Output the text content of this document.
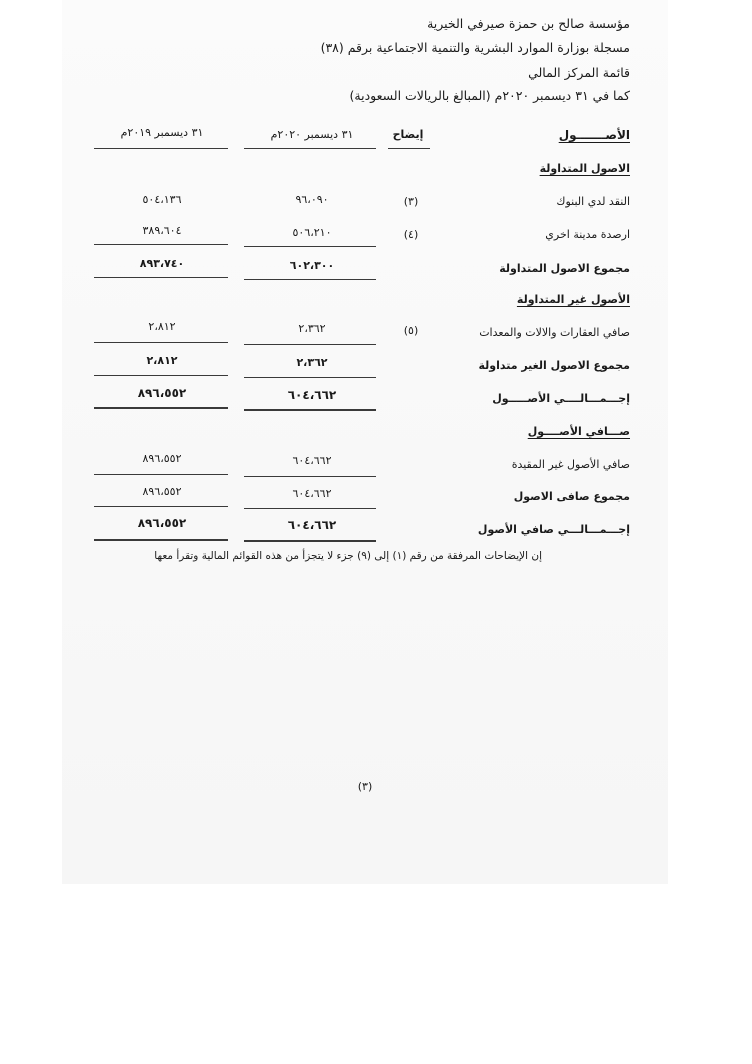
مؤسسة صالح بن حمزة صيرفي الخيرية
مسجلة بوزارة الموارد البشرية والتنمية الاجتماعية برقم (٣٨)
قائمة المركز المالي
كما في ٣١ ديسمبر ٢٠٢٠م (المبالغ بالريالات السعودية)
الأصـــــــول
إيضاح
٣١ ديسمبر ٢٠٢٠م
٣١ ديسمبر ٢٠١٩م
الاصول المتداولة
النقد لدي البنوك
(٣)
٩٦،٠٩٠
٥٠٤،١٣٦
ارصدة مدينة اخري
(٤)
٥٠٦،٢١٠
٣٨٩،٦٠٤
مجموع الاصول المتداولة
٦٠٢،٣٠٠
٨٩٣،٧٤٠
الأصول غير المتداولة
صافي العقارات والالات والمعدات
(٥)
٢،٣٦٢
٢،٨١٢
مجموع الاصول الغير متداولة
٢،٣٦٢
٢،٨١٢
إجـــمـــالــــي الأصـــــول
٦٠٤،٦٦٢
٨٩٦،٥٥٢
صـــافي الأصــــول
صافي الأصول غير المقيدة
٦٠٤،٦٦٢
٨٩٦،٥٥٢
مجموع صافى الاصول
٦٠٤،٦٦٢
٨٩٦،٥٥٢
إجـــمـــالـــي صافي الأصول
٦٠٤،٦٦٢
٨٩٦،٥٥٢
إن الإيضاحات المرفقة من رقم (١) إلى (٩) جزء لا يتجزأ من هذه القوائم المالية وتقرأ معها
(٣)
